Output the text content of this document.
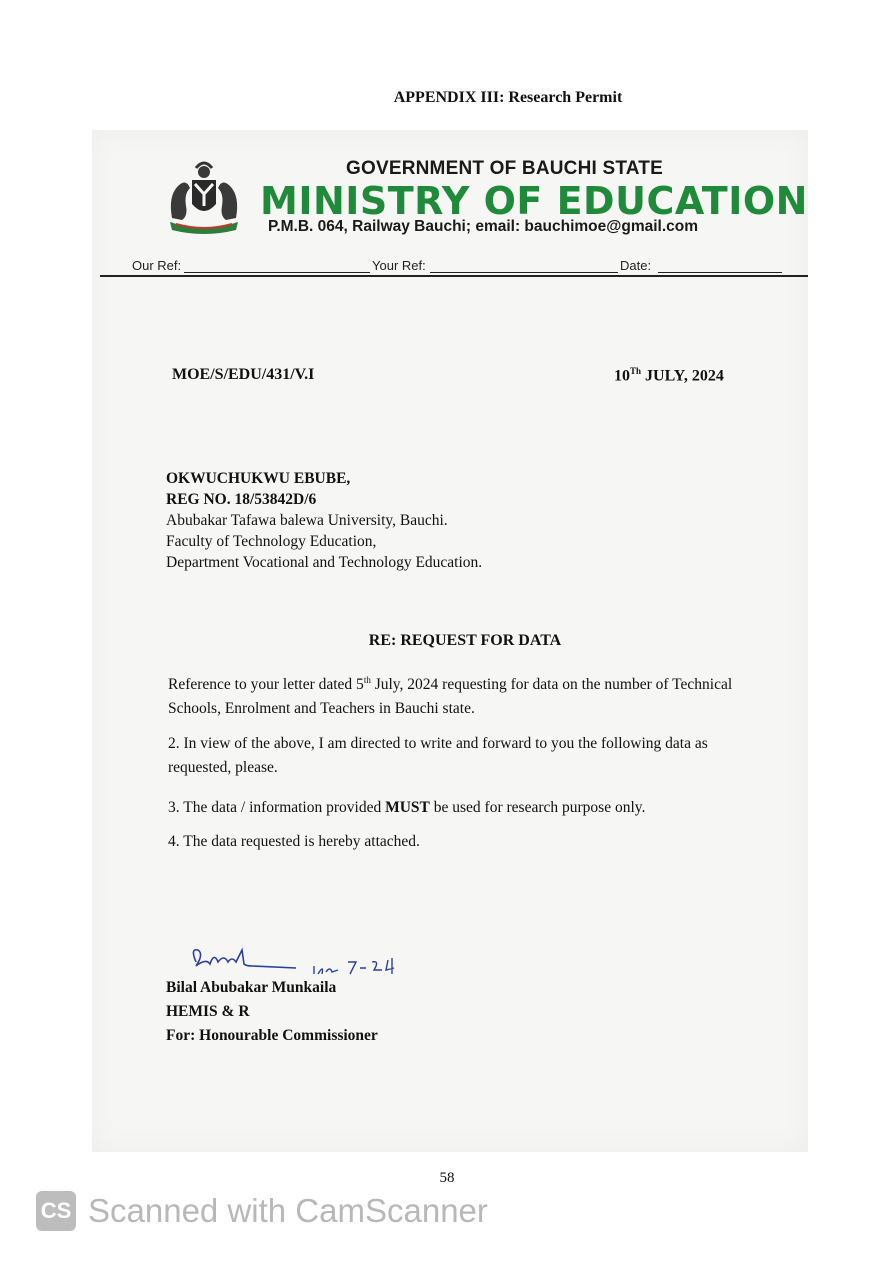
APPENDIX III: Research Permit
GOVERNMENT OF BAUCHI STATE
MINISTRY OF EDUCATION
P.M.B. 064, Railway Bauchi; email: bauchimoe@gmail.com
Our Ref:	Your Ref:	Date:
MOE/S/EDU/431/V.I	10Th JULY, 2024
OKWUCHUKWU EBUBE,
REG NO. 18/53842D/6
Abubakar Tafawa balewa University, Bauchi.
Faculty of Technology Education,
Department Vocational and Technology Education.
RE: REQUEST FOR DATA
Reference to your letter dated 5th July, 2024 requesting for data on the number of Technical Schools, Enrolment and Teachers in Bauchi state.
2. In view of the above, I am directed to write and forward to you the following data as requested, please.
3. The data / information provided MUST be used for research purpose only.
4. The data requested is hereby attached.
Bilal Abubakar Munkaila
HEMIS & R
For: Honourable Commissioner
58
CS Scanned with CamScanner
